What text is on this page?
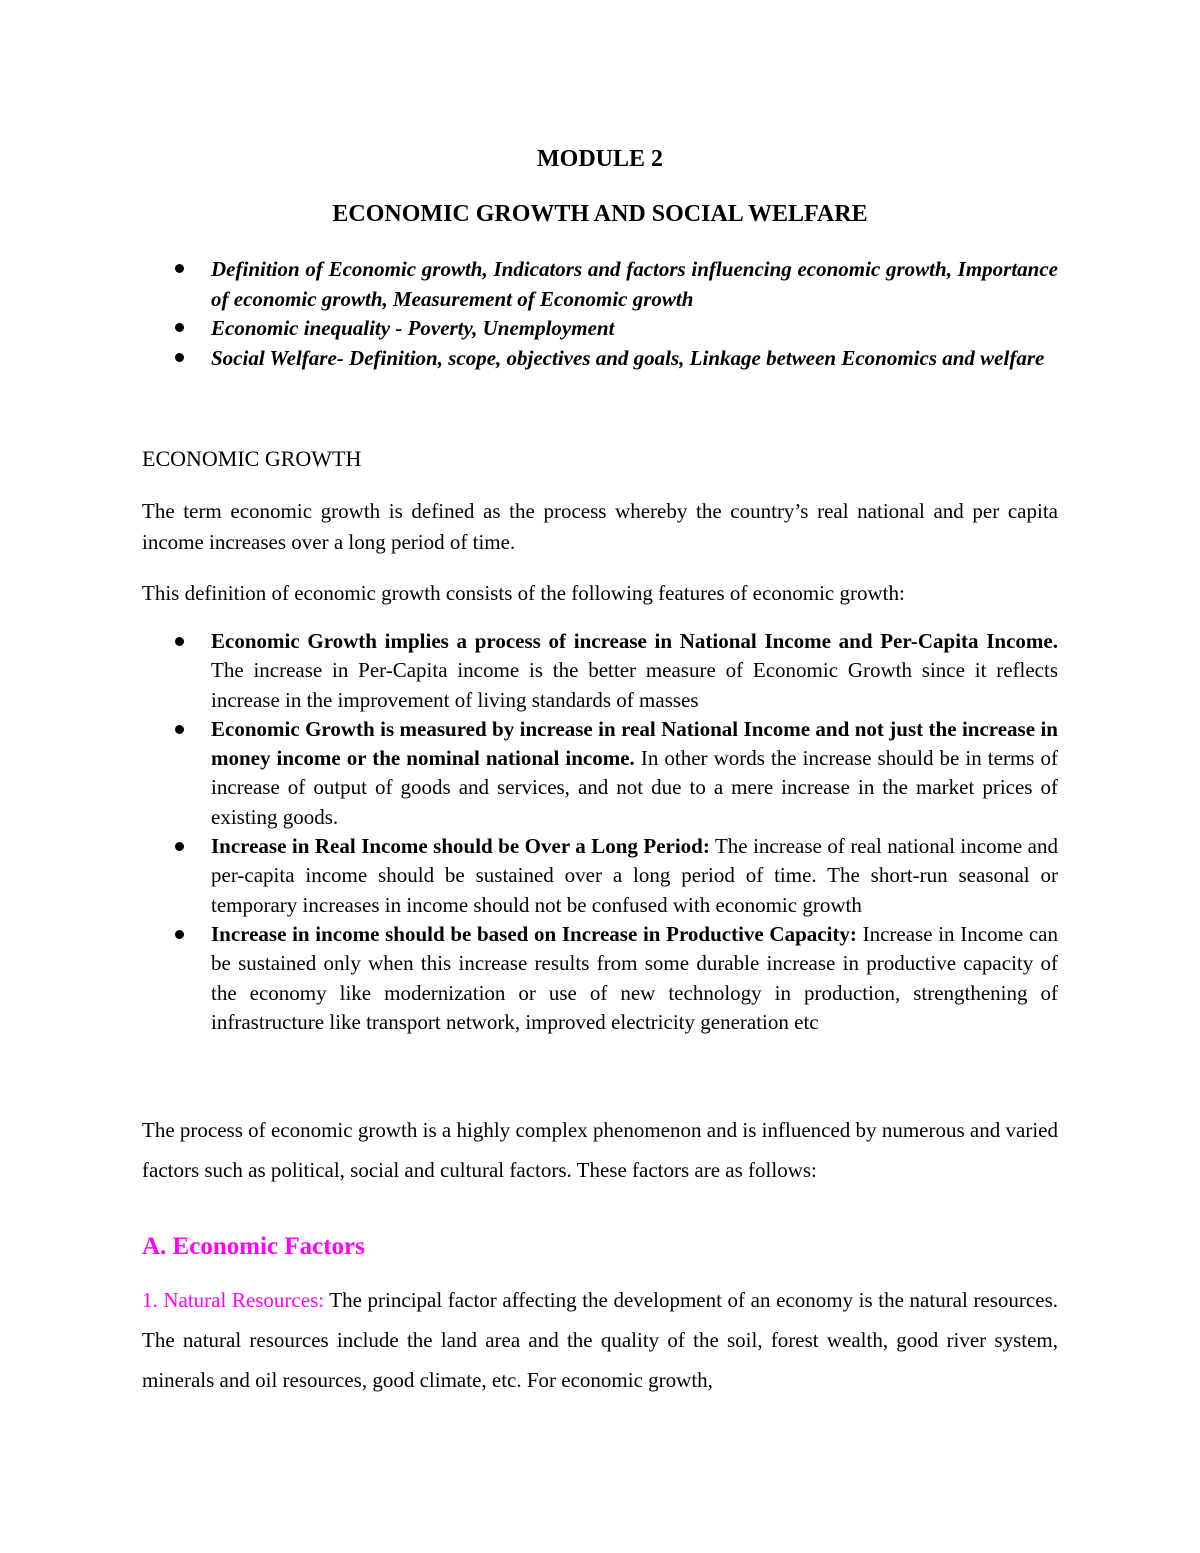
MODULE 2
ECONOMIC GROWTH AND SOCIAL WELFARE
Definition of Economic growth, Indicators and factors influencing economic growth, Importance of economic growth, Measurement of Economic growth
Economic inequality - Poverty, Unemployment
Social Welfare- Definition, scope, objectives and goals, Linkage between Economics and welfare
ECONOMIC GROWTH

The term economic growth is defined as the process whereby the country’s real national and per capita income increases over a long period of time.

This definition of economic growth consists of the following features of economic growth:

Economic Growth implies a process of increase in National Income and Per-Capita Income. The increase in Per-Capita income is the better measure of Economic Growth since it reflects increase in the improvement of living standards of masses
Economic Growth is measured by increase in real National Income and not just the increase in money income or the nominal national income. In other words the increase should be in terms of increase of output of goods and services, and not due to a mere increase in the market prices of existing goods.
Increase in Real Income should be Over a Long Period: The increase of real national income and per-capita income should be sustained over a long period of time. The short-run seasonal or temporary increases in income should not be confused with economic growth
Increase in income should be based on Increase in Productive Capacity: Increase in Income can be sustained only when this increase results from some durable increase in productive capacity of the economy like modernization or use of new technology in production, strengthening of infrastructure like transport network, improved electricity generation etc

The process of economic growth is a highly complex phenomenon and is influenced by numerous and varied factors such as political, social and cultural factors. These factors are as follows:

A. Economic Factors

1. Natural Resources: The principal factor affecting the development of an economy is the natural resources. The natural resources include the land area and the quality of the soil, forest wealth, good river system, minerals and oil resources, good climate, etc. For economic growth,
